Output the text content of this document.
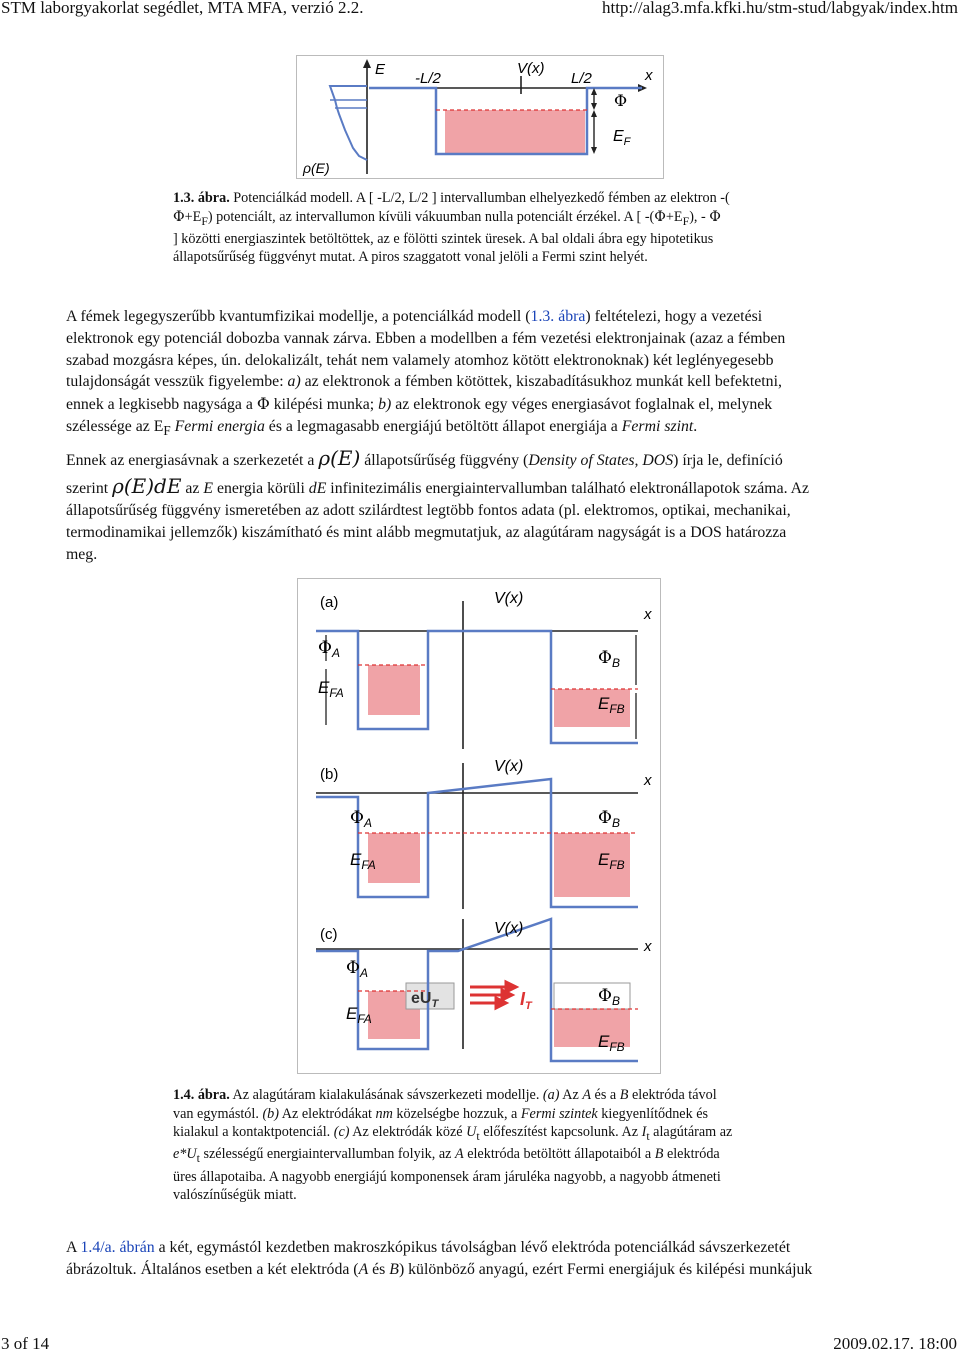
STM laborgyakorlat segédlet, MTA MFA, verzió 2.2.	http://alag3.mfa.kfki.hu/stm-stud/labgyak/index.htm
E
-L/2
V(x)
L/2	x
Φ
$E_F$
ρ(E)
1.3. ábra. Potenciálkád modell. A [ -L/2, L/2 ] intervallumban elhelyezkedő fémben az elektron -(
$\Phi+E_F$) potenciált, az intervallumon kívüli vákuumban nulla potenciált érzékel. A [ $-(\Phi+E_F)$, - Φ
] közötti energiaszintek betöltöttek, az e fölötti szintek üresek. A bal oldali ábra egy hipotetikus
állapotsűrűség függvényt mutat. A piros szaggatott vonal jelöli a Fermi szint helyét.
A fémek legegyszerűbb kvantumfizikai modellje, a potenciálkád modell (1.3. ábra) feltételezi, hogy a vezetési
elektronok egy potenciál dobozba vannak zárva. Ebben a modellben a fém vezetési elektronjainak (azaz a fémben
szabad mozgásra képes, ún. delokalizált, tehát nem valamely atomhoz kötött elektronoknak) két leglényegesebb
tulajdonságát vesszük figyelembe: a) az elektronok a fémben kötöttek, kiszabadításukhoz munkát kell befektetni,
ennek a legkisebb nagysága a Φ kilépési munka; b) az elektronok egy véges energiasávot foglalnak el, melynek
szélessége az $E_F$ Fermi energia és a legmagasabb energiájú betöltött állapot energiája a Fermi szint.
Ennek az energiasávnak a szerkezetét a ρ(E) állapotsűrűség függvény (Density of States, DOS) írja le, definíció
szerint ρ(E)dE az E energia körüli dE infinitezimális energiaintervallumban található elektronállapotok száma. Az
állapotsűrűség függvény ismeretében az adott szilárdtest legtöbb fontos adata (pl. elektromos, optikai, mechanikai,
termodinamikai jellemzők) kiszámítható és mint alább megmutatjuk, az alagútáram nagyságát is a DOS határozza
meg.
(a)	V(x)
x
$\Phi_A$	$\Phi_B$
$E_{FA}$
$E_{FB}$
(b)	V(x)
x
$\Phi_A$	$\Phi_B$
$E_{FA}$	$E_{FB}$
(c)	V(x)
x
$\Phi_A$
$\Phi_B$
$E_{FA}$
$E_{FB}$
$eU_T$	$I_T$
1.4. ábra. Az alagútáram kialakulásának sávszerkezeti modellje. (a) Az A és a B elektróda távol
van egymástól. (b) Az elektródákat nm közelségbe hozzuk, a Fermi szintek kiegyenlítődnek és
kialakul a kontaktpotenciál. (c) Az elektródák közé $U_t$ előfeszítést kapcsolunk. Az $I_t$ alagútáram az
$e*U_t$ szélességű energiaintervallumban folyik, az A elektróda betöltött állapotaiból a B elektróda
üres állapotaiba. A nagyobb energiájú komponensek áram járuléka nagyobb, a nagyobb átmeneti
valószínűségük miatt.
A 1.4/a. ábrán a két, egymástól kezdetben makroszkópikus távolságban lévő elektróda potenciálkád sávszerkezetét
ábrázoltuk. Általános esetben a két elektróda (A és B) különböző anyagú, ezért Fermi energiájuk és kilépési munkájuk
3 of 14	2009.02.17. 18:00
